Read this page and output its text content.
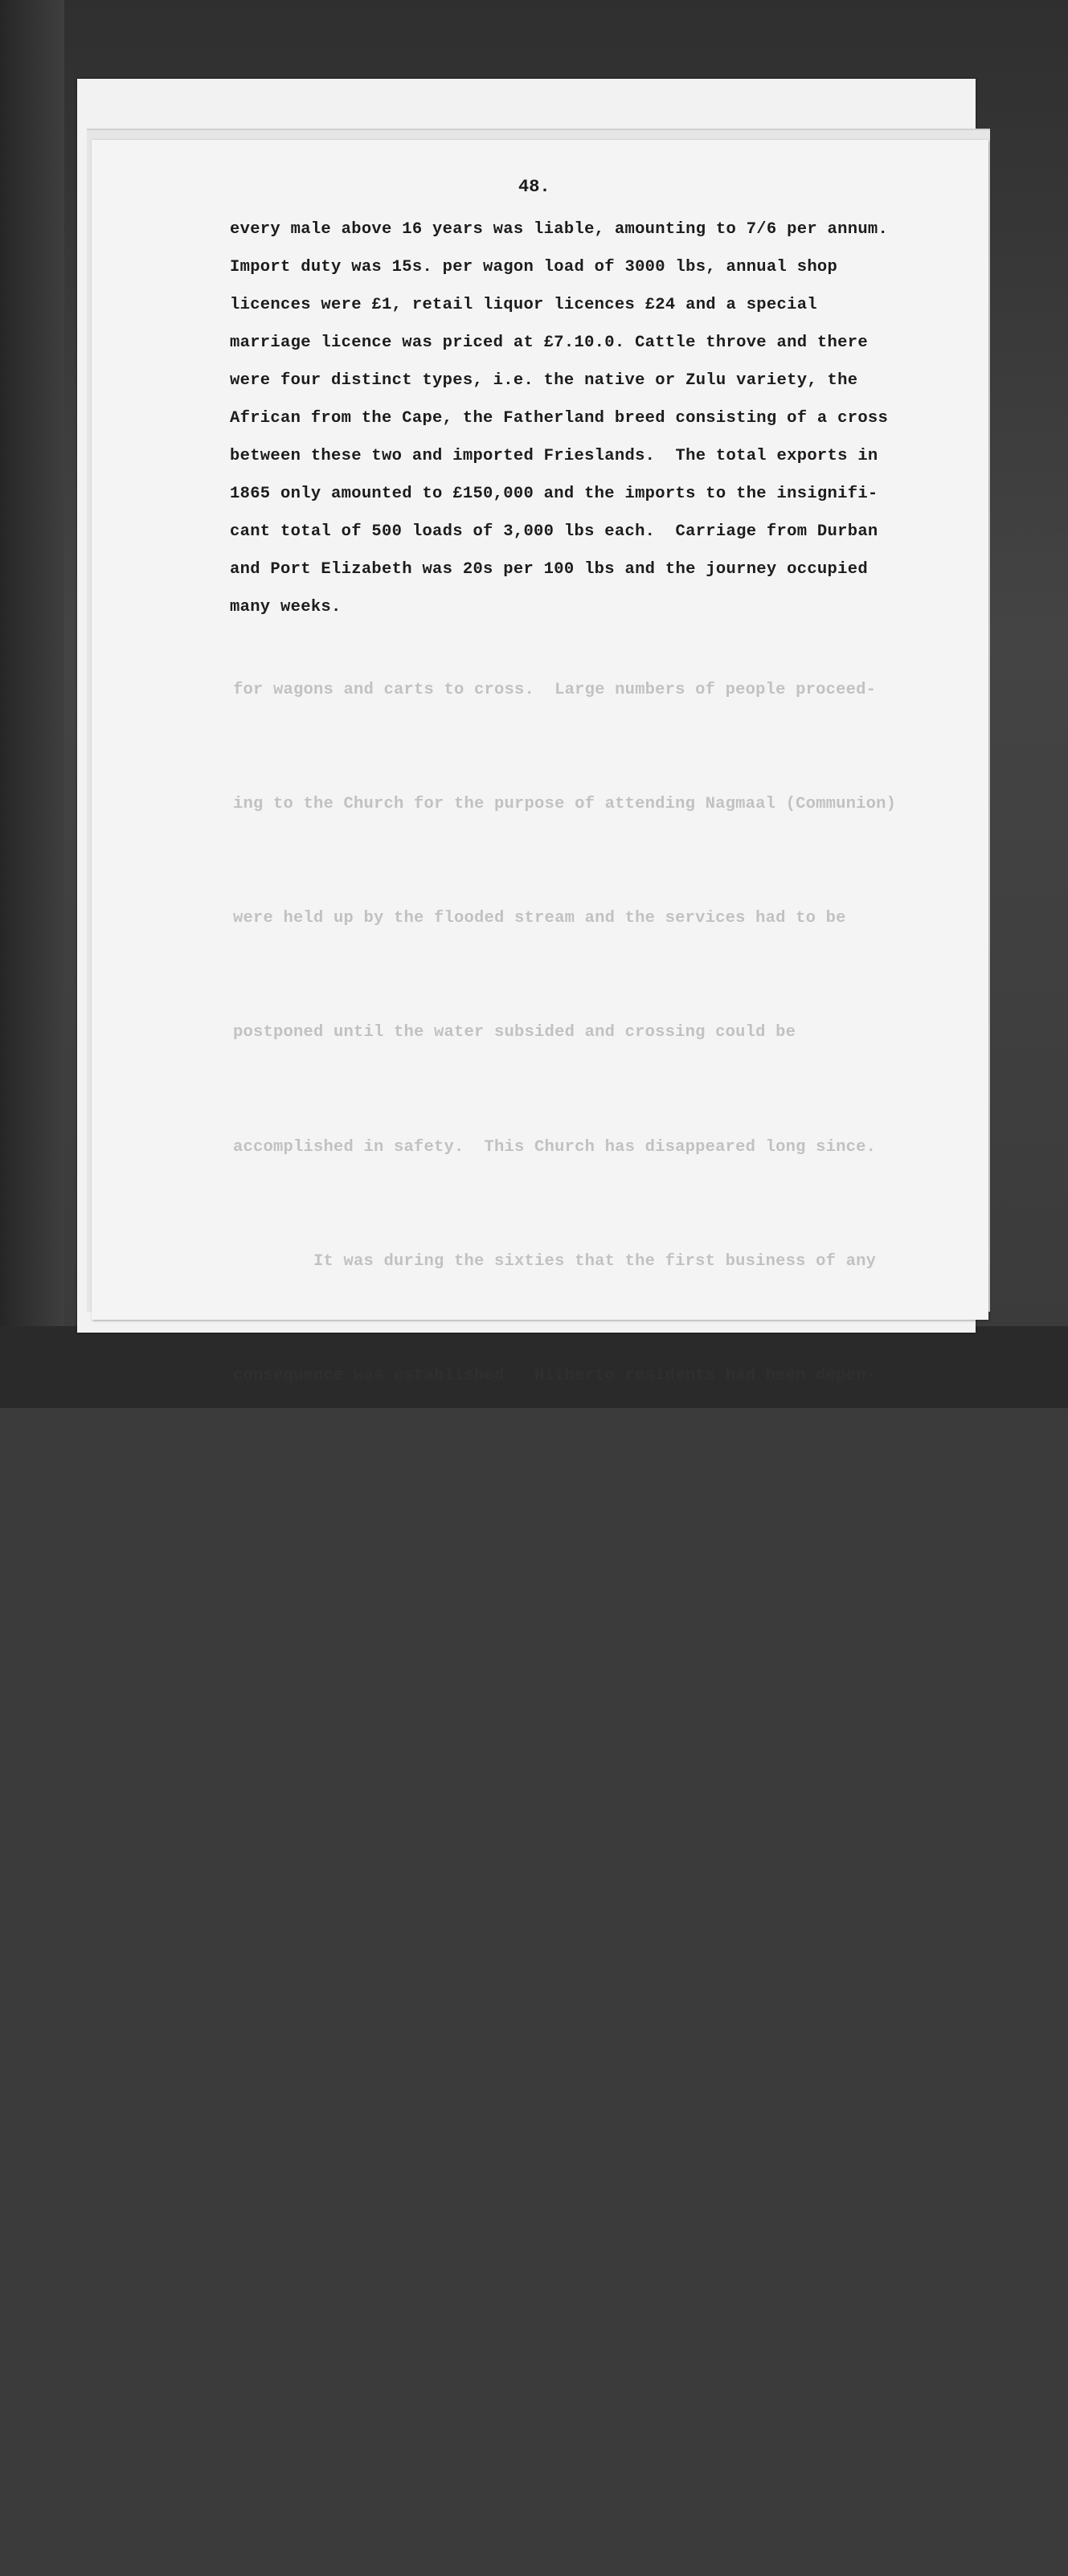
for wagons and carts to cross.  Large numbers of people proceed-

ing to the Church for the purpose of attending Nagmaal (Communion)

were held up by the flooded stream and the services had to be

postponed until the water subsided and crossing could be

accomplished in safety.  This Church has disappeared long since.

It was during the sixties that the first business of any

consequence was established.  Hitherto residents had been depen-

dent upon hawkers, small winkels, (retail shops) and sometimes

there were visits to Durban or Pietermaritzburg for the purpose of

trading ivory, skins and other local products in exchange for items

of clothing and essential groceries.  About the year 1865, a

business was established by the late Mr. James Taylor, who later

received the late Mr. Thomas Leask, as a partner.  This firm was

conducted on sound lines and provided for all the wants of the

residents as well as for the hunters and traders who penetrated

into the interior.  There was nothing hum-drum about commerce in

those days and shop assistants as well as the principals

48.
every male above 16 years was liable, amounting to 7/6 per annum.
Import duty was 15s. per wagon load of 3000 lbs, annual shop
licences were £1, retail liquor licences £24 and a special
marriage licence was priced at £7.10.0. Cattle throve and there
were four distinct types, i.e. the native or Zulu variety, the
African from the Cape, the Fatherland breed consisting of a cross
between these two and imported Frieslands.  The total exports in
1865 only amounted to £150,000 and the imports to the insignifi-
cant total of 500 loads of 3,000 lbs each.  Carriage from Durban
and Port Elizabeth was 20s per 100 lbs and the journey occupied
many weeks.
